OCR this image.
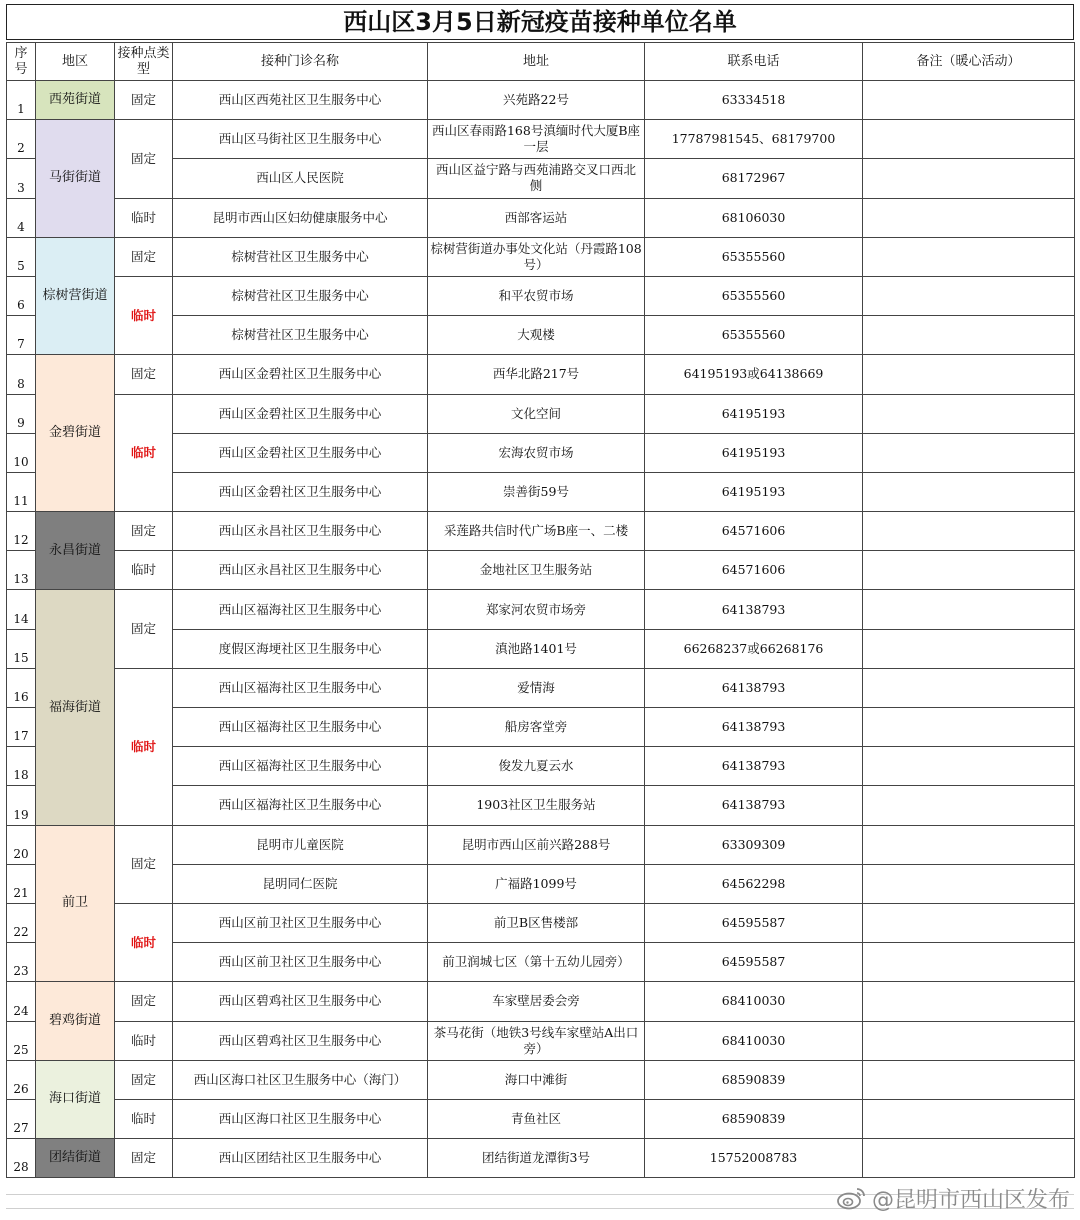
西山区3月5日新冠疫苗接种单位名单
序号	地区	接种点类型	接种门诊名称	地址	联系电话	备注（暖心活动）
1	西苑街道	固定	西山区西苑社区卫生服务中心	兴苑路22号	63334518	
2	马街街道	固定	西山区马街社区卫生服务中心	西山区春雨路168号滇缅时代大厦B座一层	17787981545、68179700	
3			西山区人民医院	西山区益宁路与西苑浦路交叉口西北侧	68172967	
4		临时	昆明市西山区妇幼健康服务中心	西部客运站	68106030	
5	棕树营街道	固定	棕树营社区卫生服务中心	棕树营街道办事处文化站（丹霞路108号）	65355560	
6		临时	棕树营社区卫生服务中心	和平农贸市场	65355560	
7			棕树营社区卫生服务中心	大观楼	65355560	
8	金碧街道	固定	西山区金碧社区卫生服务中心	西华北路217号	64195193或64138669	
9		临时	西山区金碧社区卫生服务中心	文化空间	64195193	
10			西山区金碧社区卫生服务中心	宏海农贸市场	64195193	
11			西山区金碧社区卫生服务中心	崇善街59号	64195193	
12	永昌街道	固定	西山区永昌社区卫生服务中心	采莲路共信时代广场B座一、二楼	64571606	
13		临时	西山区永昌社区卫生服务中心	金地社区卫生服务站	64571606	
14	福海街道	固定	西山区福海社区卫生服务中心	郑家河农贸市场旁	64138793	
15			度假区海埂社区卫生服务中心	滇池路1401号	66268237或66268176	
16		临时	西山区福海社区卫生服务中心	爱情海	64138793	
17			西山区福海社区卫生服务中心	船房客堂旁	64138793	
18			西山区福海社区卫生服务中心	俊发九夏云水	64138793	
19			西山区福海社区卫生服务中心	1903社区卫生服务站	64138793	
20	前卫	固定	昆明市儿童医院	昆明市西山区前兴路288号	63309309	
21			昆明同仁医院	广福路1099号	64562298	
22		临时	西山区前卫社区卫生服务中心	前卫B区售楼部	64595587	
23			西山区前卫社区卫生服务中心	前卫润城七区（第十五幼儿园旁）	64595587	
24	碧鸡街道	固定	西山区碧鸡社区卫生服务中心	车家壁居委会旁	68410030	
25		临时	西山区碧鸡社区卫生服务中心	茶马花街（地铁3号线车家壁站A出口旁）	68410030	
26	海口街道	固定	西山区海口社区卫生服务中心（海门）	海口中滩街	68590839	
27		临时	西山区海口社区卫生服务中心	青鱼社区	68590839	
28	团结街道	固定	西山区团结社区卫生服务中心	团结街道龙潭街3号	15752008783	
@昆明市西山区发布
